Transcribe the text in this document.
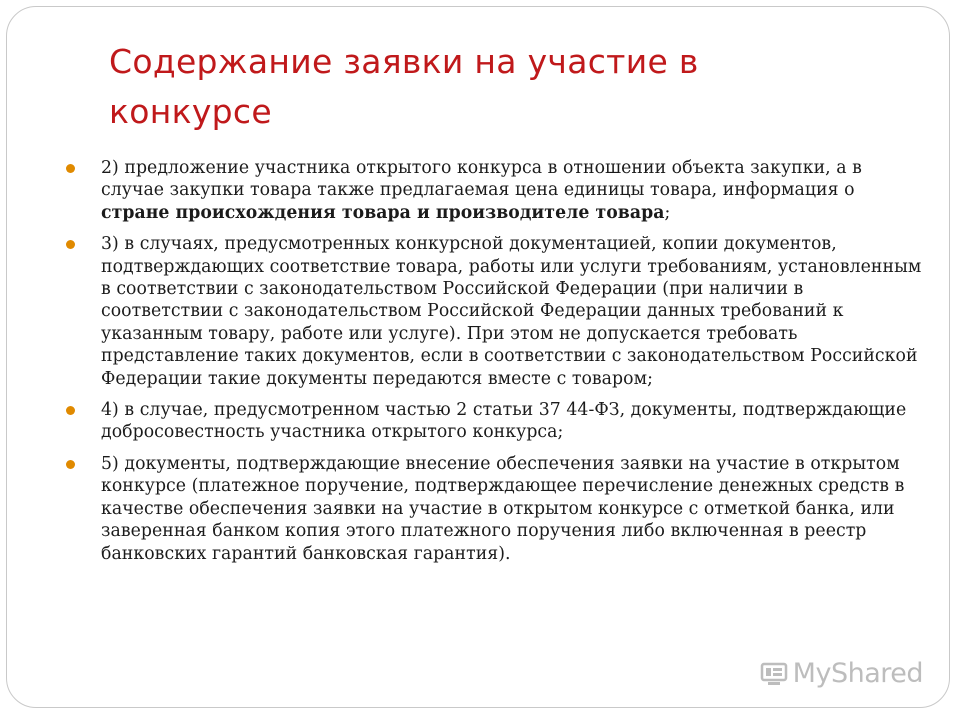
Содержание заявки на участие в конкурсе
2) предложение участника открытого конкурса в отношении объекта закупки, а в случае закупки товара также предлагаемая цена единицы товара, информация о стране происхождения товара и производителе товара;
3) в случаях, предусмотренных конкурсной документацией, копии документов, подтверждающих соответствие товара, работы или услуги требованиям, установленным в соответствии с законодательством Российской Федерации (при наличии в соответствии с законодательством Российской Федерации данных требований к указанным товару, работе или услуге). При этом не допускается требовать представление таких документов, если в соответствии с законодательством Российской Федерации такие документы передаются вместе с товаром;
4) в случае, предусмотренном частью 2 статьи 37 44-ФЗ, документы, подтверждающие добросовестность участника открытого конкурса;
5) документы, подтверждающие внесение обеспечения заявки на участие в открытом конкурсе (платежное поручение, подтверждающее перечисление денежных средств в качестве обеспечения заявки на участие в открытом конкурсе с отметкой банка, или заверенная банком копия этого платежного поручения либо включенная в реестр банковских гарантий банковская гарантия).
MyShared
